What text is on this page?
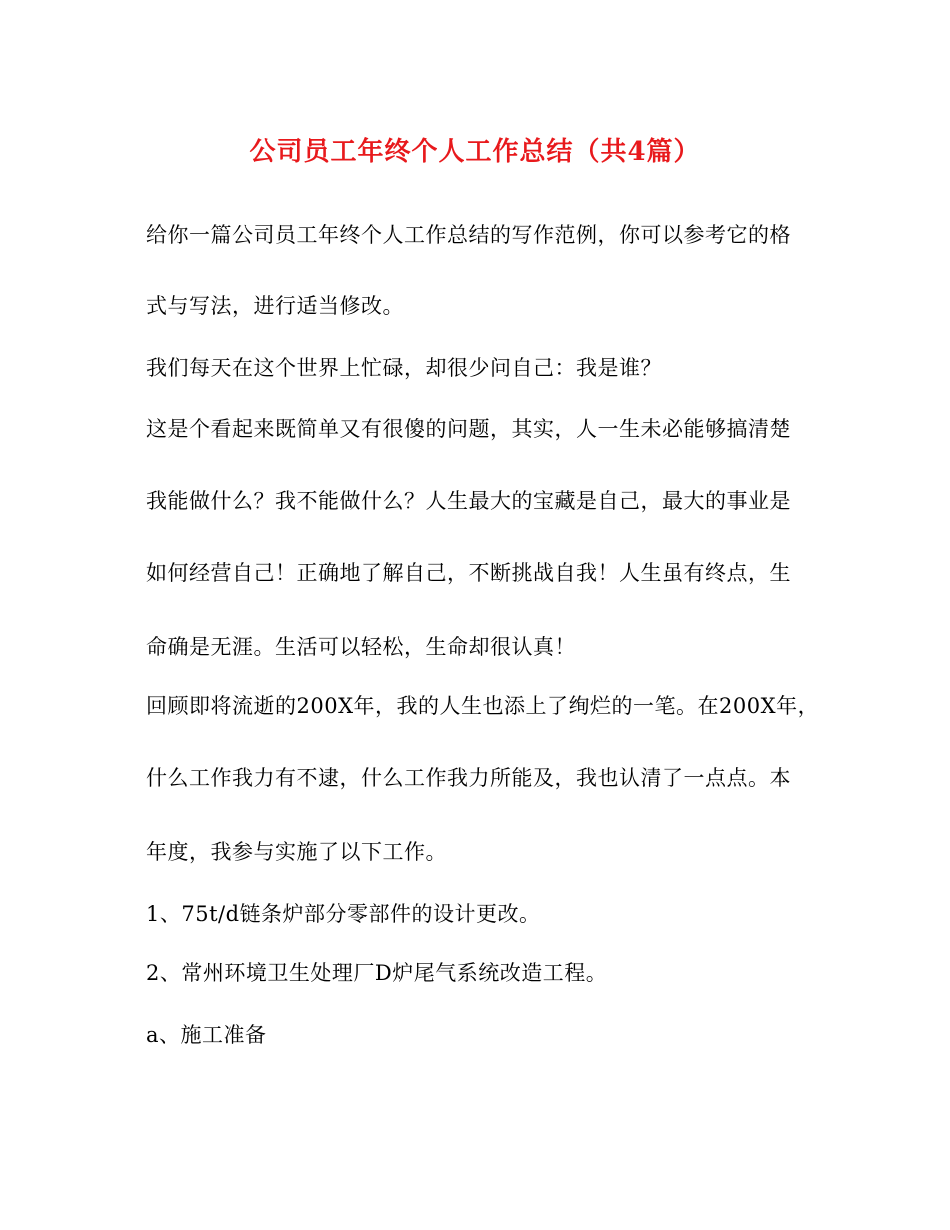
公司员工年终个人工作总结（共4篇）
给你一篇公司员工年终个人工作总结的写作范例，你可以参考它的格
式与写法，进行适当修改。
我们每天在这个世界上忙碌，却很少问自己：我是谁？
这是个看起来既简单又有很傻的问题，其实，人一生未必能够搞清楚
我能做什么？我不能做什么？人生最大的宝藏是自己，最大的事业是
如何经营自己！正确地了解自己，不断挑战自我！人生虽有终点，生
命确是无涯。生活可以轻松，生命却很认真！
回顾即将流逝的200X年，我的人生也添上了绚烂的一笔。在200X年，
什么工作我力有不逮，什么工作我力所能及，我也认清了一点点。本
年度，我参与实施了以下工作。
1、75t/d链条炉部分零部件的设计更改。
2、常州环境卫生处理厂D炉尾气系统改造工程。
a、施工准备
